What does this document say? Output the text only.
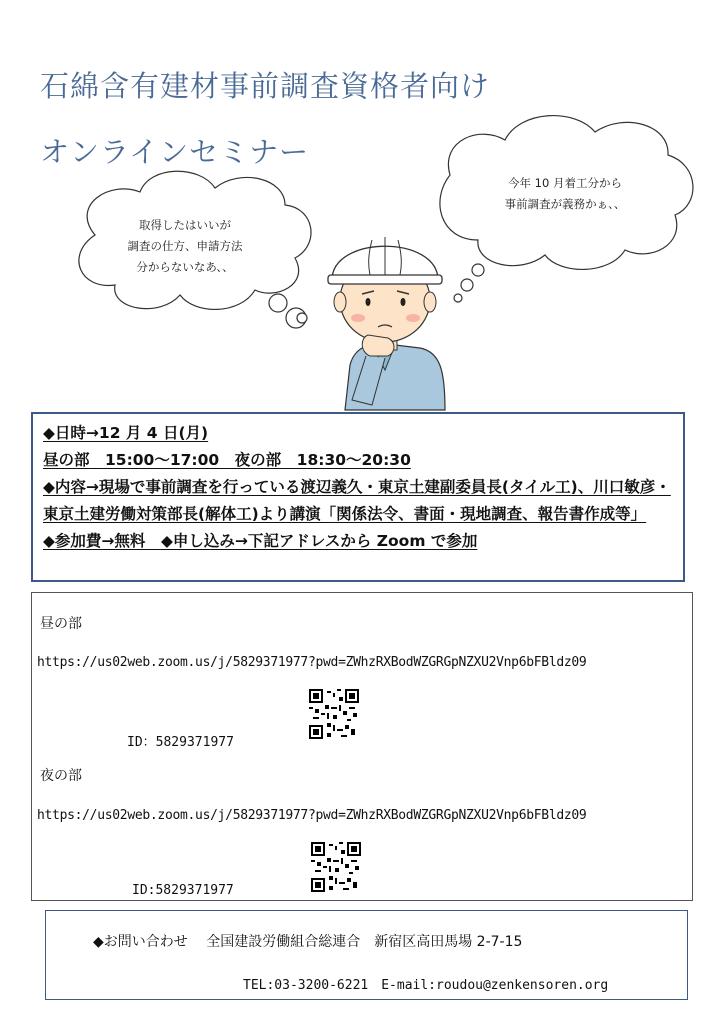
石綿含有建材事前調査資格者向け
オンラインセミナー
取得したはいいが
調査の仕方、申請方法
分からないなあ、、
今年 10 月着工分から
事前調査が義務かぁ、、
◆日時→12 月 4 日(月)
昼の部　15:00～17:00　夜の部　18:30～20:30
◆内容→現場で事前調査を行っている渡辺義久・東京土建副委員長(タイル工)、川口敏彦・東京土建労働対策部長(解体工)より講演「関係法令、書面・現地調査、報告書作成等」
◆参加費→無料　 ◆申し込み→下記アドレスから Zoom で参加
昼の部
https://us02web.zoom.us/j/5829371977?pwd=ZWhzRXBodWZGRGpNZXU2Vnp6bFBldz09
ID：5829371977
夜の部
https://us02web.zoom.us/j/5829371977?pwd=ZWhzRXBodWZGRGpNZXU2Vnp6bFBldz09
ID:5829371977
◆お問い合わせ　 全国建設労働組合総連合　新宿区高田馬場 2-7-15
TEL:03-3200-6221　E-mail:roudou@zenkensoren.org
